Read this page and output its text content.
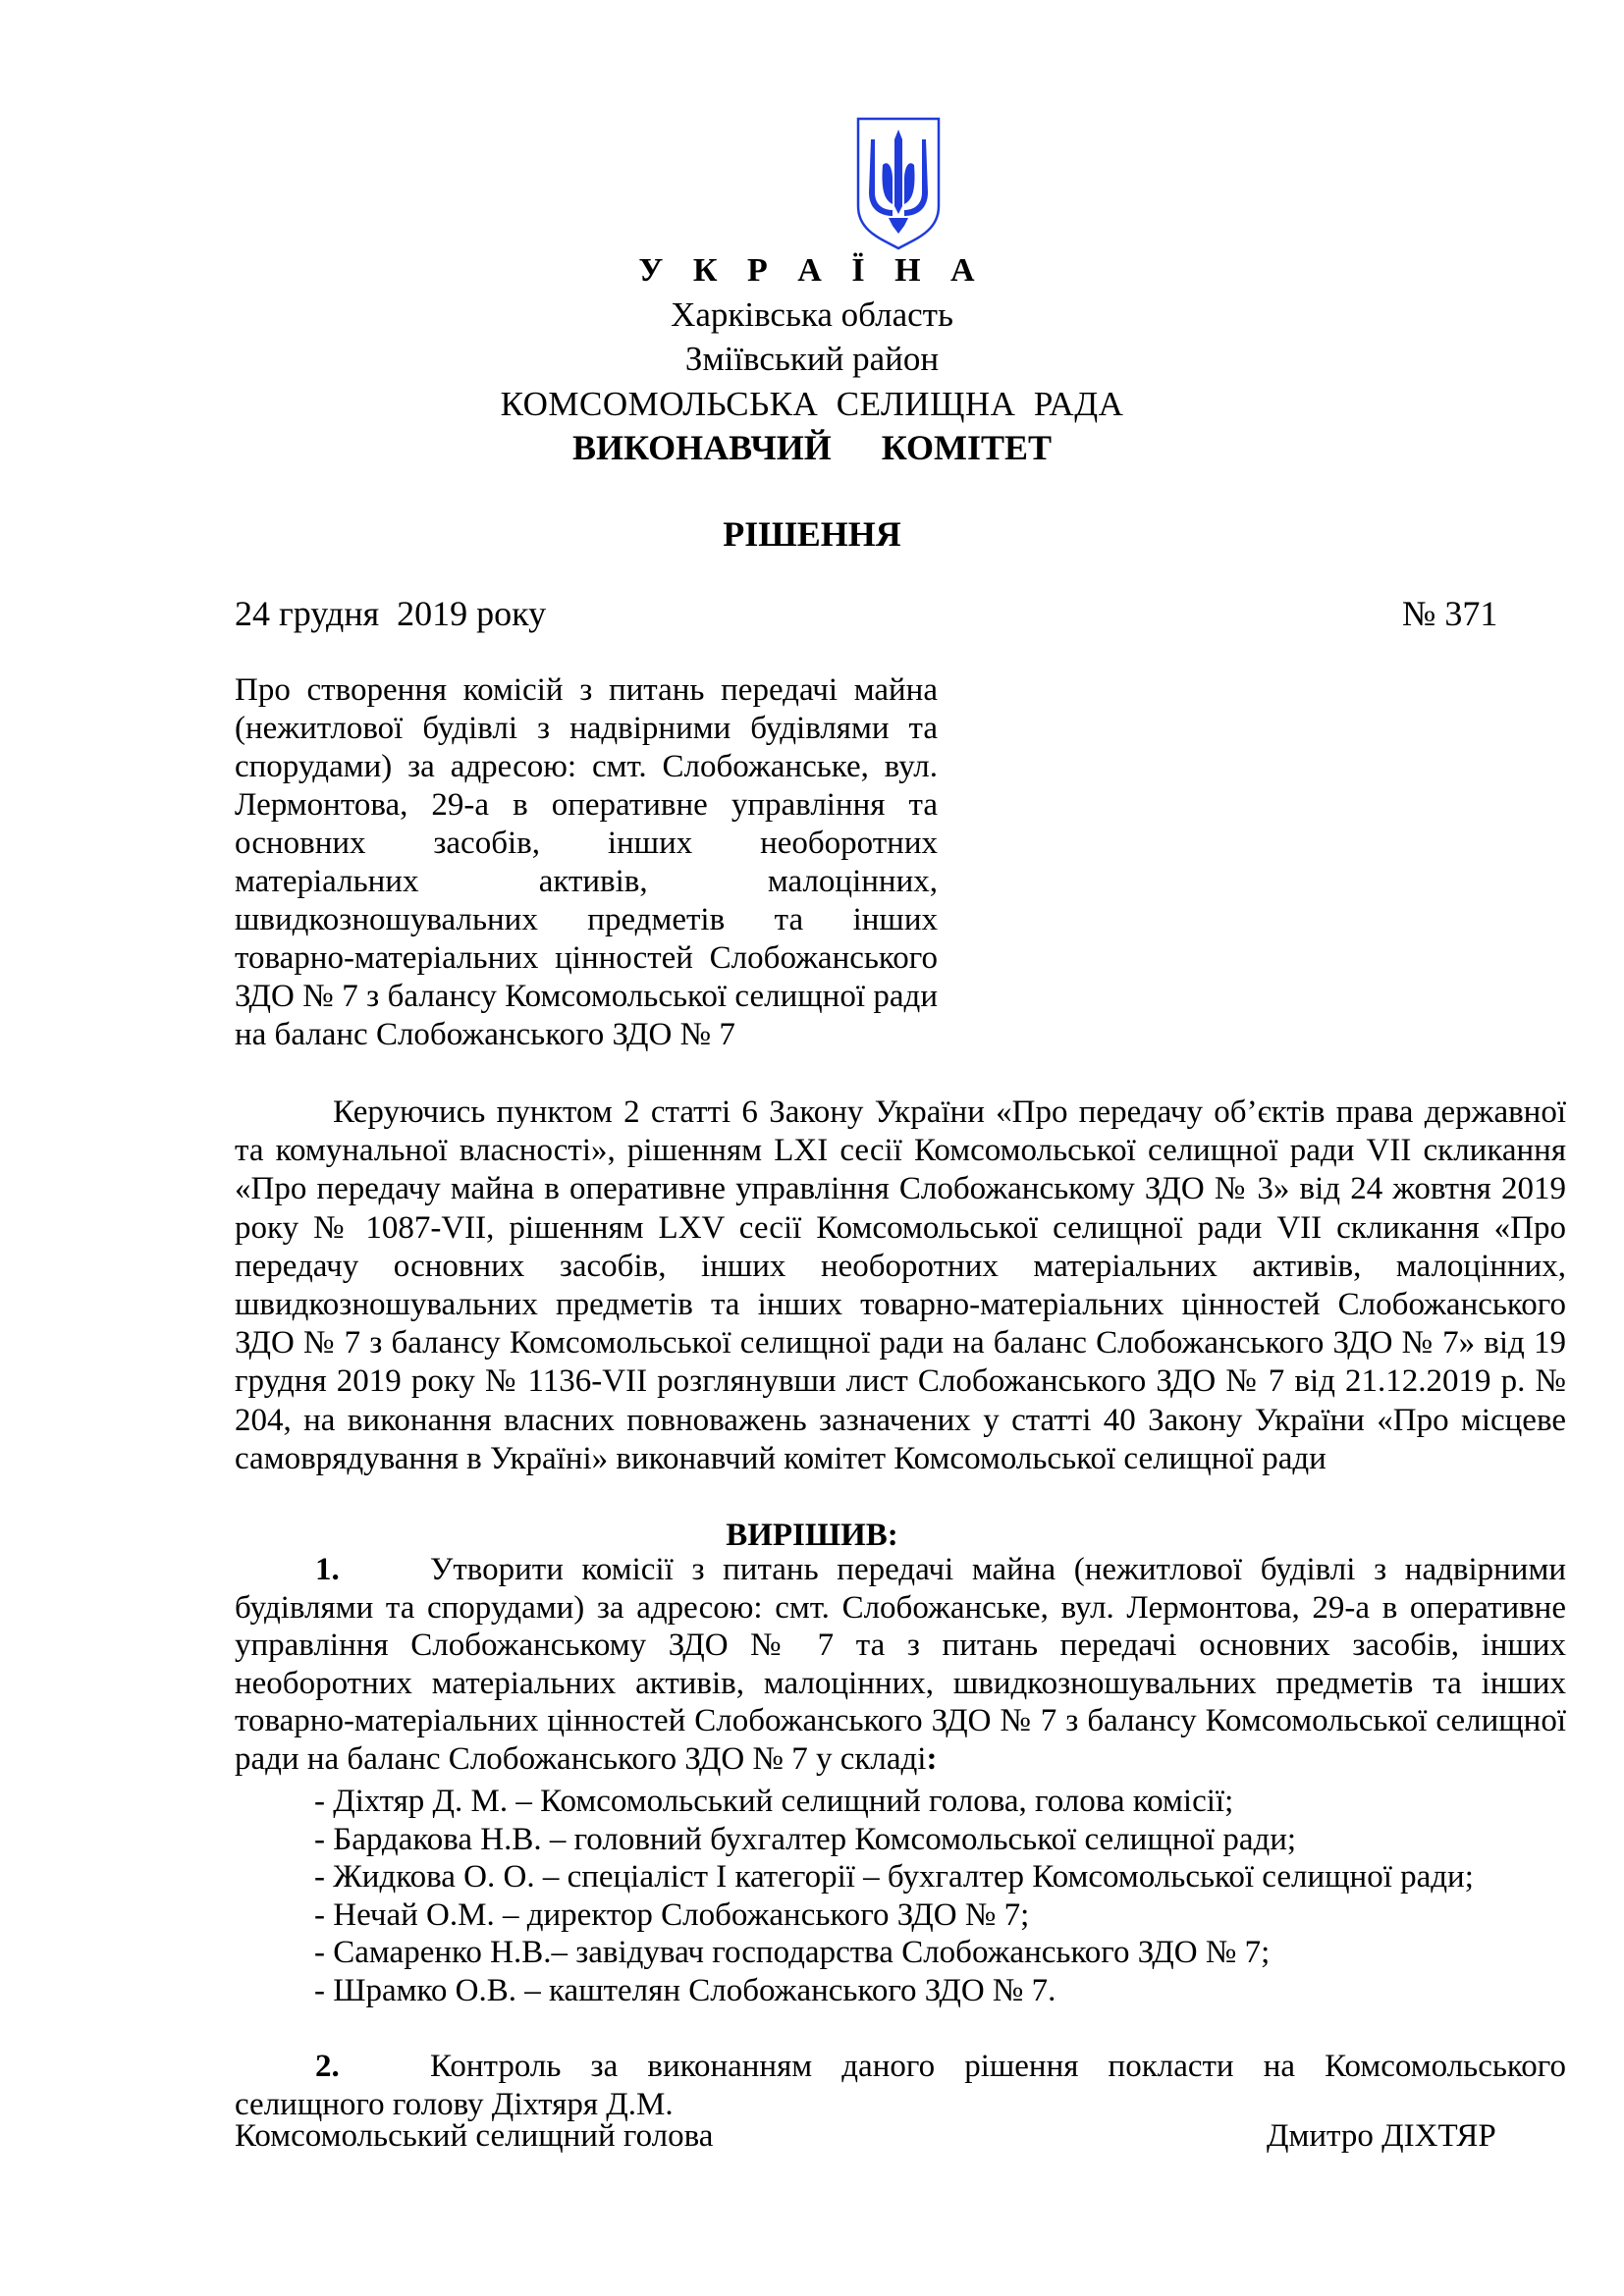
У К Р А Ї Н А
Харківська область
Зміївський район
КОМСОМОЛЬСЬКА  СЕЛИЩНА  РАДА
ВИКОНАВЧИЙ   КОМІТЕТ
РІШЕННЯ
24 грудня  2019 року	№ 371
Про створення комісій з питань передачі майна (нежитлової будівлі з надвірними будівлями та спорудами) за адресою: смт. Слобожанське, вул. Лермонтова, 29-а в оперативне управління та основних засобів, інших необоротних матеріальних активів, малоцінних, швидкозношувальних предметів та інших товарно-матеріальних цінностей Слобожанського ЗДО № 7 з балансу Комсомольської селищної ради на баланс Слобожанського ЗДО № 7
Керуючись пунктом 2 статті 6 Закону України «Про передачу об’єктів права державної та комунальної власності», рішенням LXI сесії Комсомольської селищної ради VII скликання «Про передачу майна в оперативне управління Слобожанському ЗДО № 3» від 24 жовтня 2019 року № 1087-VII, рішенням LXV сесії Комсомольської селищної ради VII скликання «Про передачу основних засобів, інших необоротних матеріальних активів, малоцінних, швидкозношувальних предметів та інших товарно-матеріальних цінностей Слобожанського ЗДО № 7 з балансу Комсомольської селищної ради на баланс Слобожанського ЗДО № 7» від 19 грудня 2019 року № 1136-VII розглянувши лист Слобожанського ЗДО № 7 від 21.12.2019 р. № 204, на виконання власних повноважень зазначених у статті 40 Закону України «Про місцеве самоврядування в Україні» виконавчий комітет Комсомольської селищної ради
ВИРІШИВ:
1.	Утворити комісії з питань передачі майна (нежитлової будівлі з надвірними будівлями та спорудами) за адресою: смт. Слобожанське, вул. Лермонтова, 29-а в оперативне управління Слобожанському ЗДО № 7 та з питань передачі основних засобів, інших необоротних матеріальних активів, малоцінних, швидкозношувальних предметів та інших товарно-матеріальних цінностей Слобожанського ЗДО № 7 з балансу Комсомольської селищної ради на баланс Слобожанського ЗДО № 7 у складі:
- Діхтяр Д. М. – Комсомольський селищний голова, голова комісії;
- Бардакова Н.В. – головний бухгалтер Комсомольської селищної ради;
- Жидкова О. О. – спеціаліст І категорії – бухгалтер Комсомольської селищної ради;
- Нечай О.М. – директор Слобожанського ЗДО № 7;
- Самаренко Н.В.– завідувач господарства Слобожанського ЗДО № 7;
- Шрамко О.В. – каштелян Слобожанського ЗДО № 7.
2.	Контроль за виконанням даного рішення покласти на Комсомольського селищного голову Діхтяря Д.М.
Комсомольський селищний голова	Дмитро ДІХТЯР
